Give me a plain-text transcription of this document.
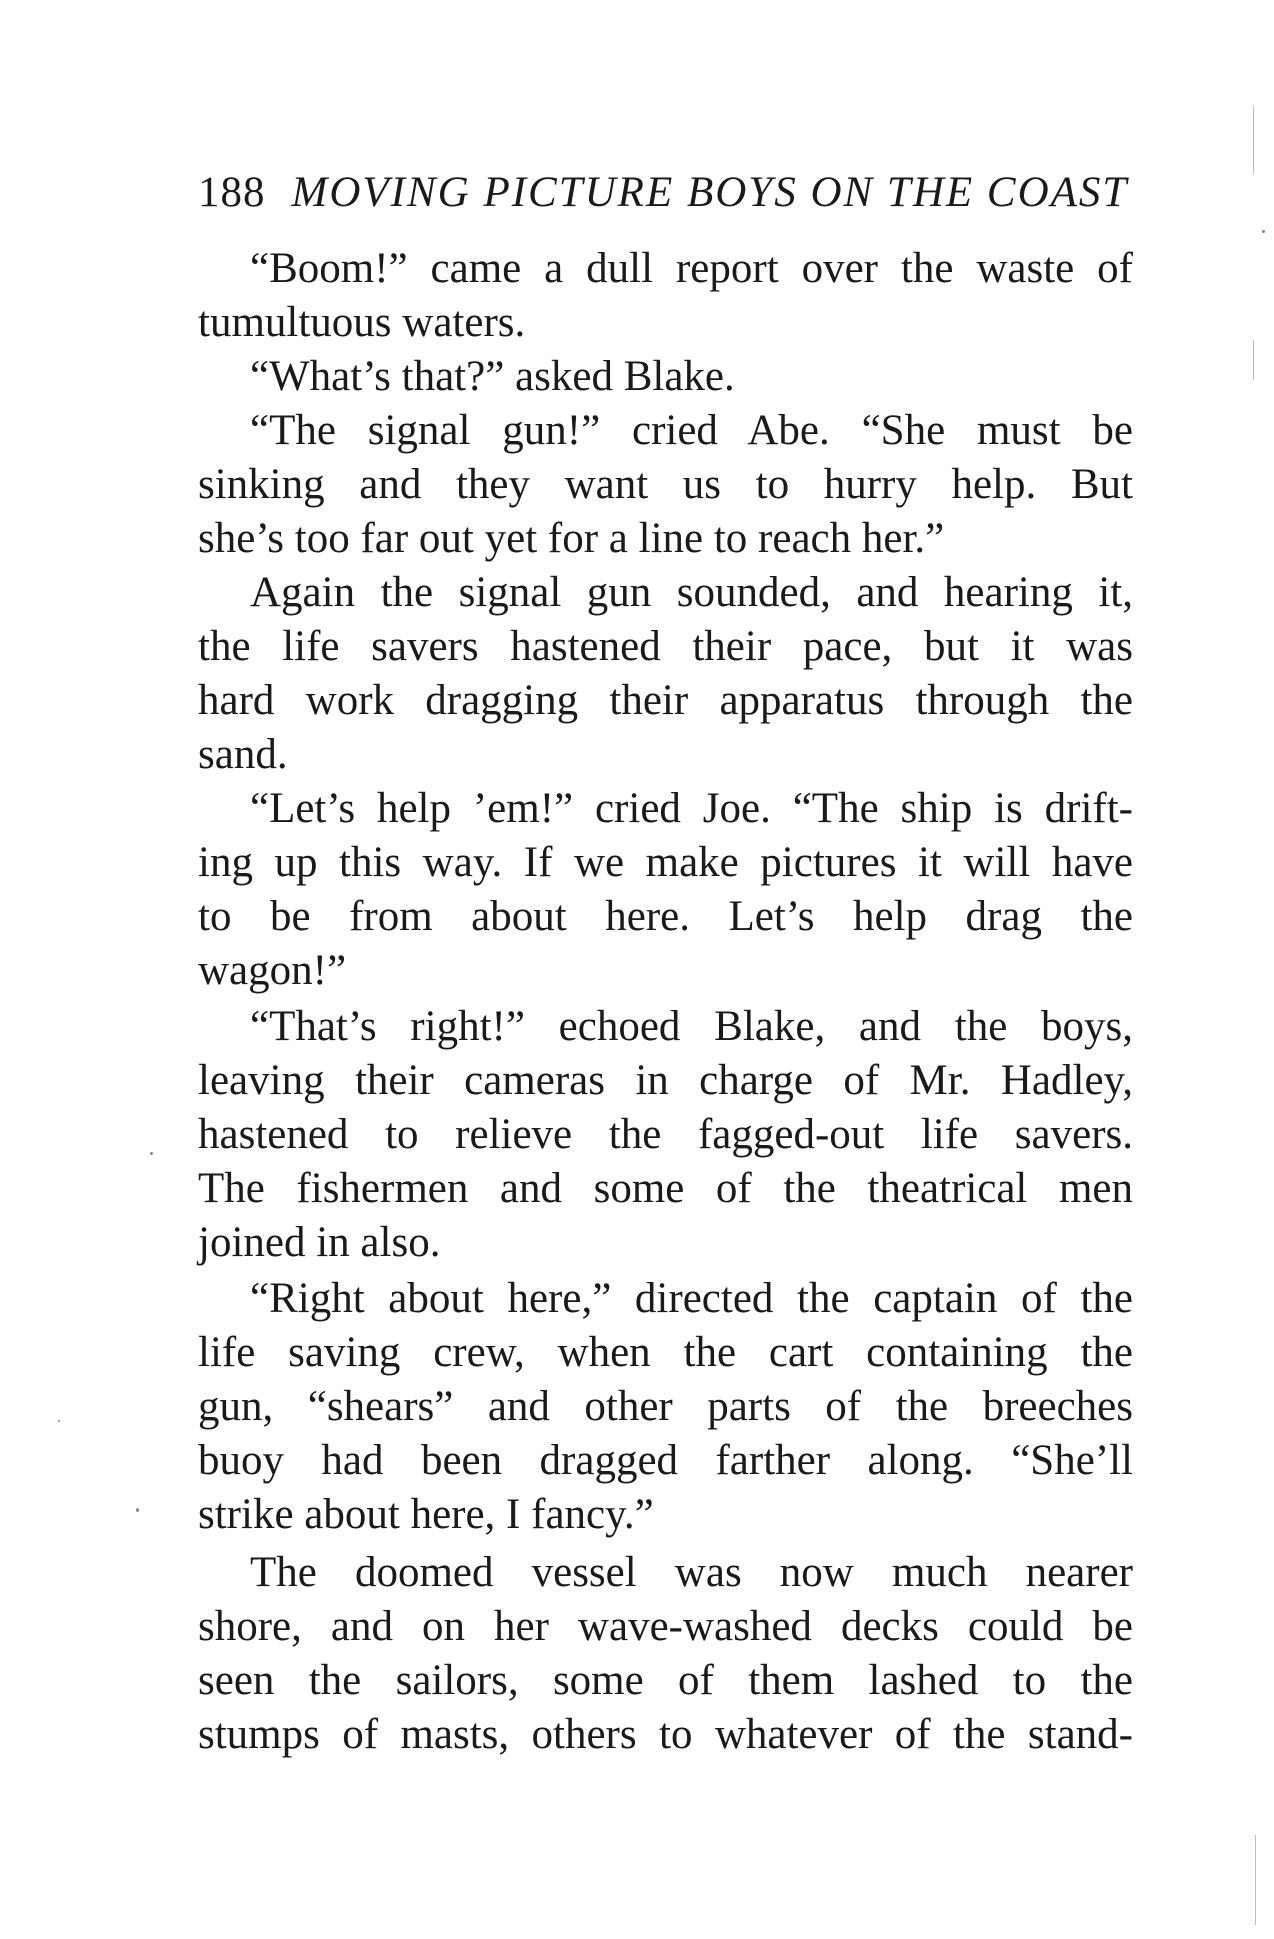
188 MOVING PICTURE BOYS ON THE COAST
“Boom!” came a dull report over the waste of
tumultuous waters.
“What’s that?” asked Blake.
“The signal gun!” cried Abe. “She must be
sinking and they want us to hurry help. But
she’s too far out yet for a line to reach her.”
Again the signal gun sounded, and hearing it,
the life savers hastened their pace, but it was
hard work dragging their apparatus through the
sand.
“Let’s help ’em!” cried Joe. “The ship is drift-
ing up this way. If we make pictures it will have
to be from about here. Let’s help drag the
wagon!”
“That’s right!” echoed Blake, and the boys,
leaving their cameras in charge of Mr. Hadley,
hastened to relieve the fagged-out life savers.
The fishermen and some of the theatrical men
joined in also.
“Right about here,” directed the captain of the
life saving crew, when the cart containing the
gun, “shears” and other parts of the breeches
buoy had been dragged farther along. “She’ll
strike about here, I fancy.”
The doomed vessel was now much nearer
shore, and on her wave-washed decks could be
seen the sailors, some of them lashed to the
stumps of masts, others to whatever of the stand-
